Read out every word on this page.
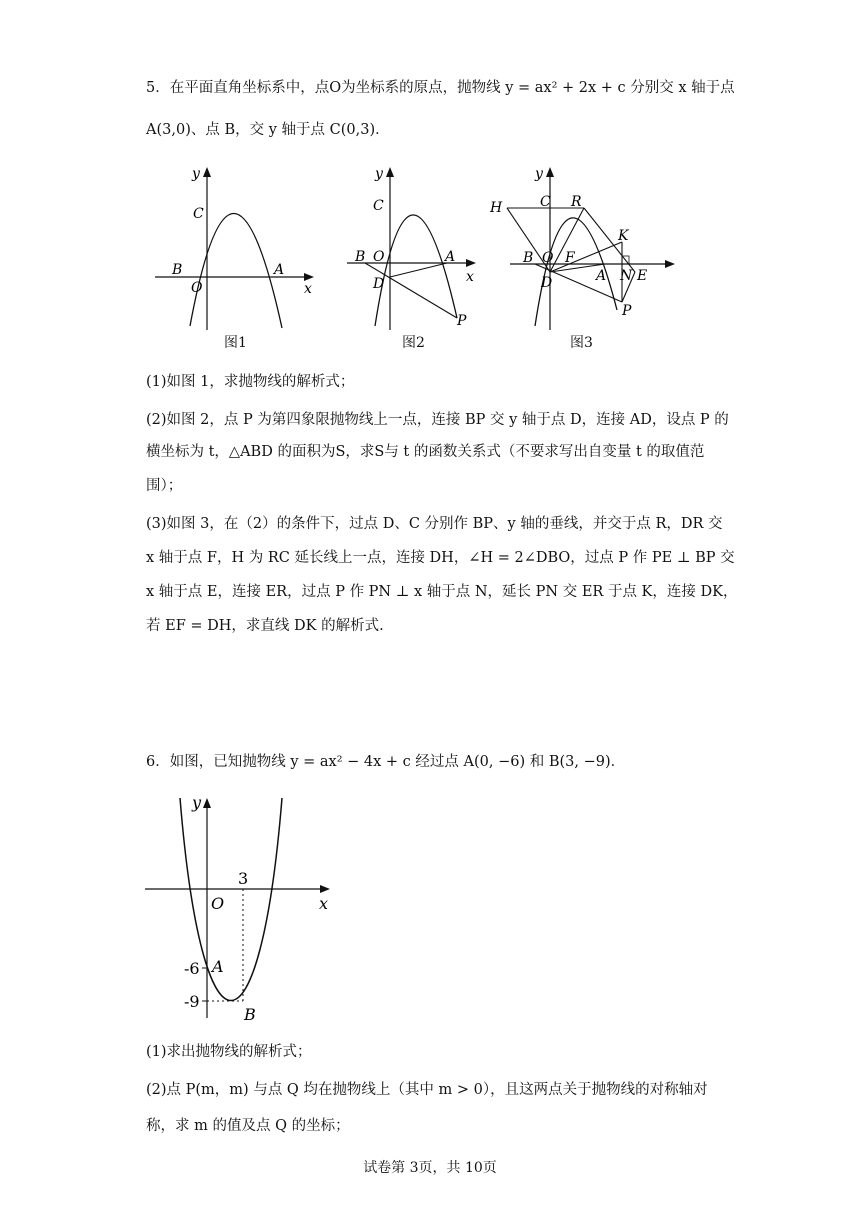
5．在平面直角坐标系中，点O为坐标系的原点，抛物线 y = ax² + 2x + c 分别交 x 轴于点
A(3,0)、点 B，交 y 轴于点 C(0,3)．
y
x
O
B	A
C
图1
y
x
B O	A
C
D
P
图2
y
H	C R
B O F
A
D
K
N E
P
图3
(1)如图 1，求抛物线的解析式；
(2)如图 2，点 P 为第四象限抛物线上一点，连接 BP 交 y 轴于点 D，连接 AD，设点 P 的
横坐标为 t，△ABD 的面积为S，求S与 t 的函数关系式（不要求写出自变量 t 的取值范
围）；
(3)如图 3，在（2）的条件下，过点 D、C 分别作 BP、y 轴的垂线，并交于点 R，DR 交
x 轴于点 F，H 为 RC 延长线上一点，连接 DH，∠H = 2∠DBO，过点 P 作 PE ⊥ BP 交
x 轴于点 E，连接 ER，过点 P 作 PN ⊥ x 轴于点 N，延长 PN 交 ER 于点 K，连接 DK，
若 EF = DH，求直线 DK 的解析式.
6．如图，已知抛物线 y = ax² − 4x + c 经过点 A(0, −6) 和 B(3, −9)．
y
x
O
3
-6
-9
A
B
(1)求出抛物线的解析式；
(2)点 P(m，m) 与点 Q 均在抛物线上（其中 m > 0），且这两点关于抛物线的对称轴对
称，求 m 的值及点 Q 的坐标；
试卷第 3页，共 10页
